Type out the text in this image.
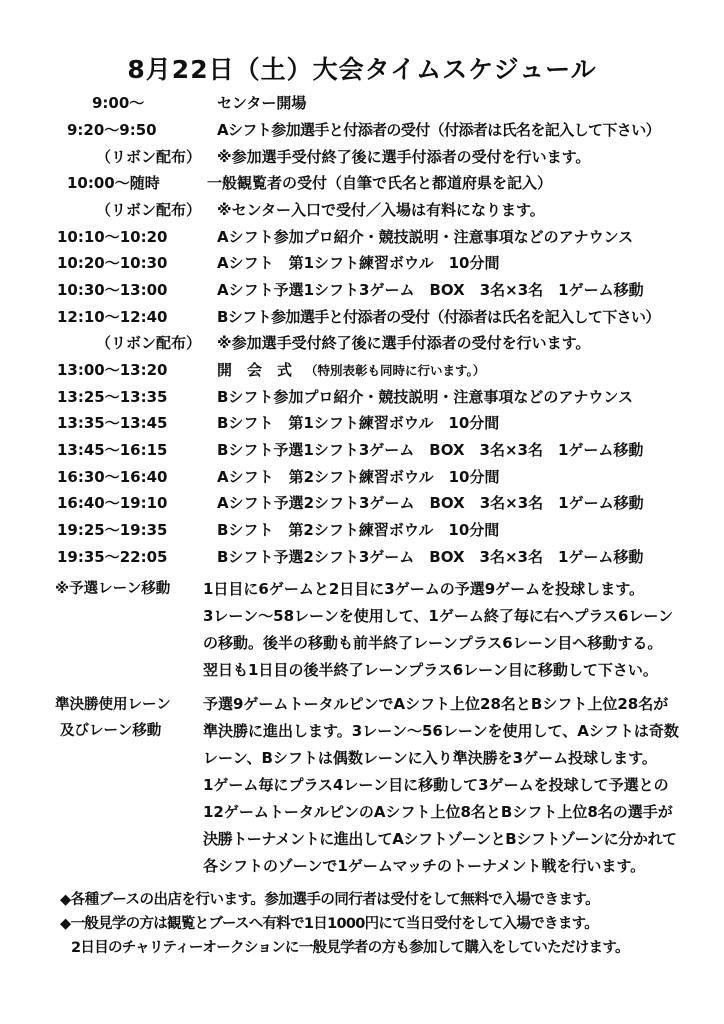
8月22日（土）大会タイムスケジュール
9:00〜	センター開場
9:20〜9:50	Aシフト参加選手と付添者の受付（付添者は氏名を記入して下さい）
（リボン配布） ※参加選手受付終了後に選手付添者の受付を行います。
10:00〜随時	一般観覧者の受付（自筆で氏名と都道府県を記入）
（リボン配布） ※センター入口で受付／入場は有料になります。
10:10〜10:20	Aシフト参加プロ紹介・競技説明・注意事項などのアナウンス
10:20〜10:30	Aシフト　第1シフト練習ボウル　10分間
10:30〜13:00	Aシフト予選1シフト3ゲーム　BOX　3名×3名　1ゲーム移動
12:10〜12:40	Bシフト参加選手と付添者の受付（付添者は氏名を記入して下さい）
（リボン配布） ※参加選手受付終了後に選手付添者の受付を行います。
13:00〜13:20	開　会　式 （特別表彰も同時に行います。）
13:25〜13:35	Bシフト参加プロ紹介・競技説明・注意事項などのアナウンス
13:35〜13:45	Bシフト　第1シフト練習ボウル　10分間
13:45〜16:15	Bシフト予選1シフト3ゲーム　BOX　3名×3名　1ゲーム移動
16:30〜16:40	Aシフト　第2シフト練習ボウル　10分間
16:40〜19:10	Aシフト予選2シフト3ゲーム　BOX　3名×3名　1ゲーム移動
19:25〜19:35	Bシフト　第2シフト練習ボウル　10分間
19:35〜22:05	Bシフト予選2シフト3ゲーム　BOX　3名×3名　1ゲーム移動
※予選レーン移動 1日目に6ゲームと2日目に3ゲームの予選9ゲームを投球します。
3レーン〜58レーンを使用して、1ゲーム終了毎に右へプラス6レーン
の移動。後半の移動も前半終了レーンプラス6レーン目へ移動する。
翌日も1日目の後半終了レーンプラス6レーン目に移動して下さい。
準決勝使用レーン
及びレーン移動
予選9ゲームトータルピンでAシフト上位28名とBシフト上位28名が
準決勝に進出します。3レーン〜56レーンを使用して、Aシフトは奇数
レーン、Bシフトは偶数レーンに入り準決勝を3ゲーム投球します。
1ゲーム毎にプラス4レーン目に移動して3ゲームを投球して予選との
12ゲームトータルピンのAシフト上位8名とBシフト上位8名の選手が
決勝トーナメントに進出してAシフトゾーンとBシフトゾーンに分かれて
各シフトのゾーンで1ゲームマッチのトーナメント戦を行います。
◆各種ブースの出店を行います。参加選手の同行者は受付をして無料で入場できます。
◆一般見学の方は観覧とブースへ有料で1日1000円にて当日受付をして入場できます。
2日目のチャリティーオークションに一般見学者の方も参加して購入をしていただけます。
